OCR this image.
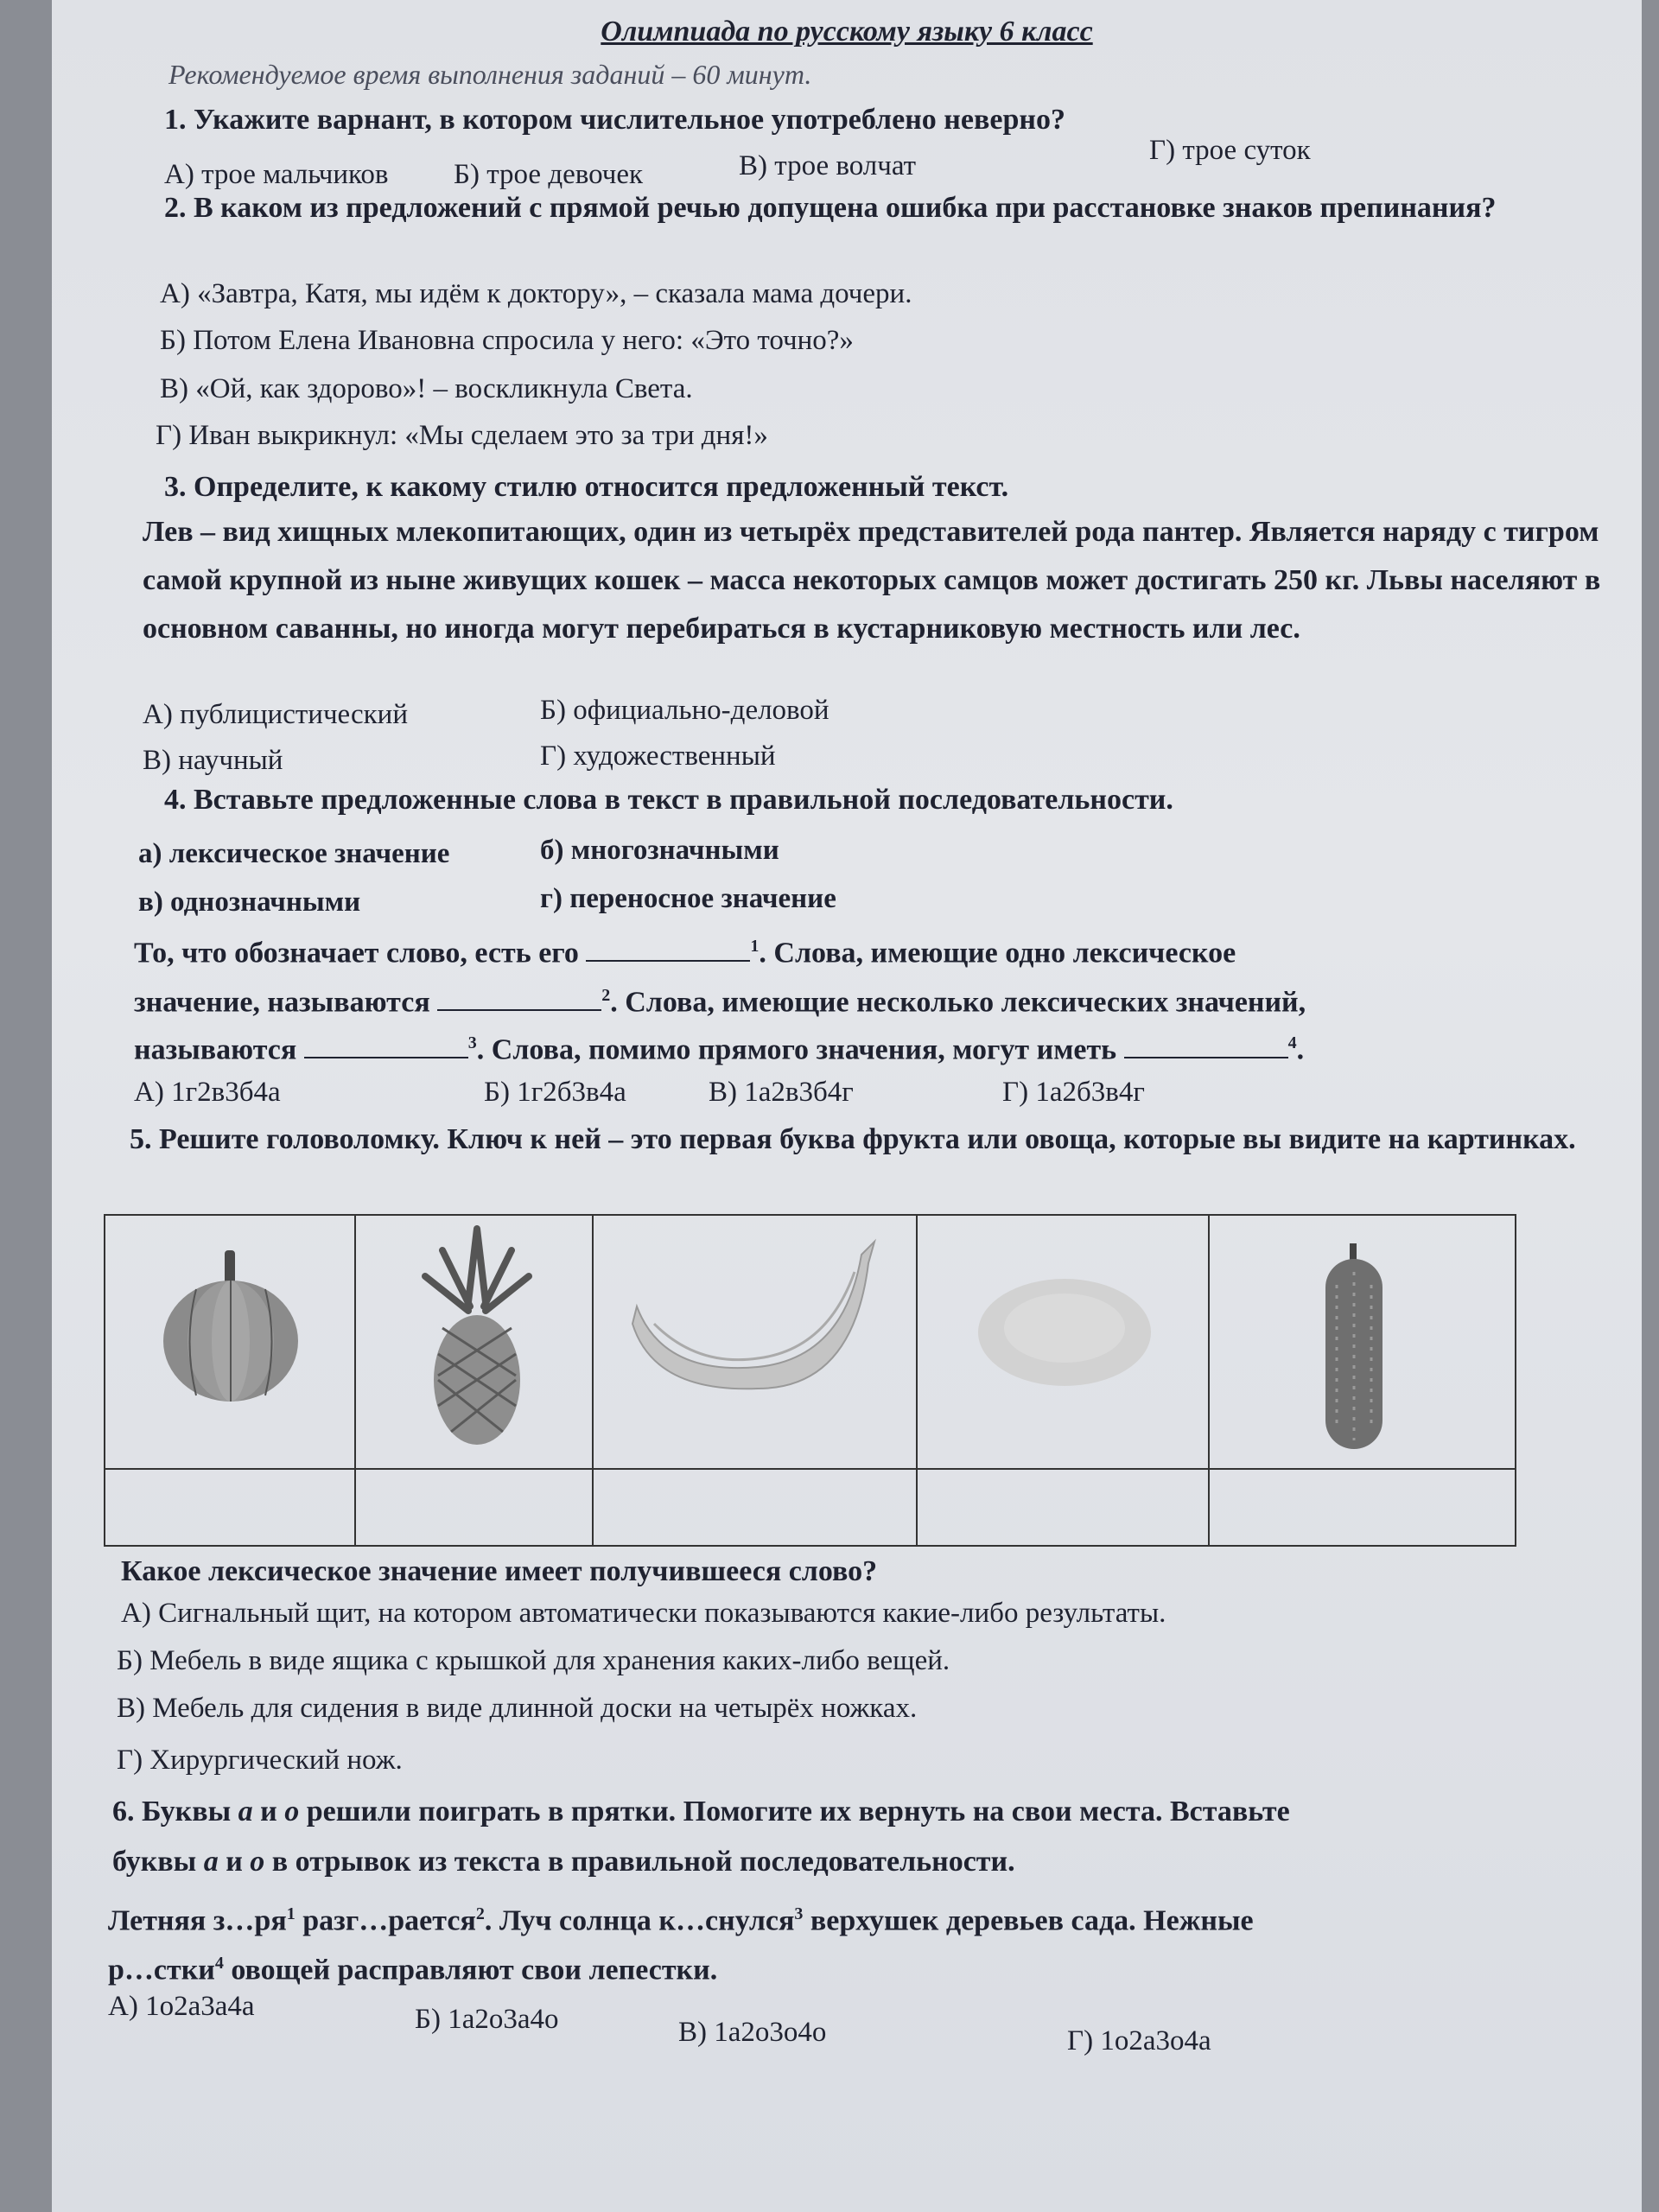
Олимпиада по русскому языку 6 класс
Рекомендуемое время выполнения заданий – 60 минут.
1. Укажите варнант, в котором числительное употреблено неверно?
А) трое мальчиков Б) трое девочек	В) трое волчат	Г) трое суток
2. В каком из предложений с прямой речью допущена ошибка при расстановке знаков препинания?
А) «Завтра, Катя, мы идём к доктору», – сказала мама дочери.
Б) Потом Елена Ивановна спросила у него: «Это точно?»
В) «Ой, как здорово»! – воскликнула Света.
Г) Иван выкрикнул: «Мы сделаем это за три дня!»
3. Определите, к какому стилю относится предложенный текст.
Лев – вид хищных млекопитающих, один из четырёх представителей рода пантер. Является наряду с тигром самой крупной из ныне живущих кошек – масса некоторых самцов может достигать 250 кг. Львы населяют в основном саванны, но иногда могут перебираться в кустарниковую местность или лес.
А) публицистический	Б) официально-деловой
В) научный	Г) художественный
4. Вставьте предложенные слова в текст в правильной последовательности.
а) лексическое значение	б) многозначными
в) однозначными	г) переносное значение
То, что обозначает слово, есть его	$^1$. Слова, имеющие одно лексическое
значение, называются	$^2$. Слова, имеющие несколько лексических значений,
называются	$^3$. Слова, помимо прямого значения, могут иметь	$^4$.
А) 1г2в3б4а	Б) 1г2б3в4а	В) 1а2в3б4г	Г) 1а2б3в4г
5. Решите головоломку. Ключ к ней – это первая буква фрукта или овоща, которые вы видите на картинках.
Какое лексическое значение имеет получившееся слово?
А) Сигнальный щит, на котором автоматически показываются какие-либо результаты.
Б) Мебель в виде ящика с крышкой для хранения каких-либо вещей.
В) Мебель для сидения в виде длинной доски на четырёх ножках.
Г) Хирургический нож.
6. Буквы а и о решили поиграть в прятки. Помогите их вернуть на свои места. Вставьте
буквы а и о в отрывок из текста в правильной последовательности.
Летняя $з\dots ря^1$ разг…рается$^2$. Луч солнца к…снулся$^3$ верхушек деревьев сада. Нежные
р…стки$^4$ овощей расправляют свои лепестки.
А) 1о2а3а4а	Б) 1а2о3а4о	В) 1а2о3о4о	Г) 1о2а3о4а
